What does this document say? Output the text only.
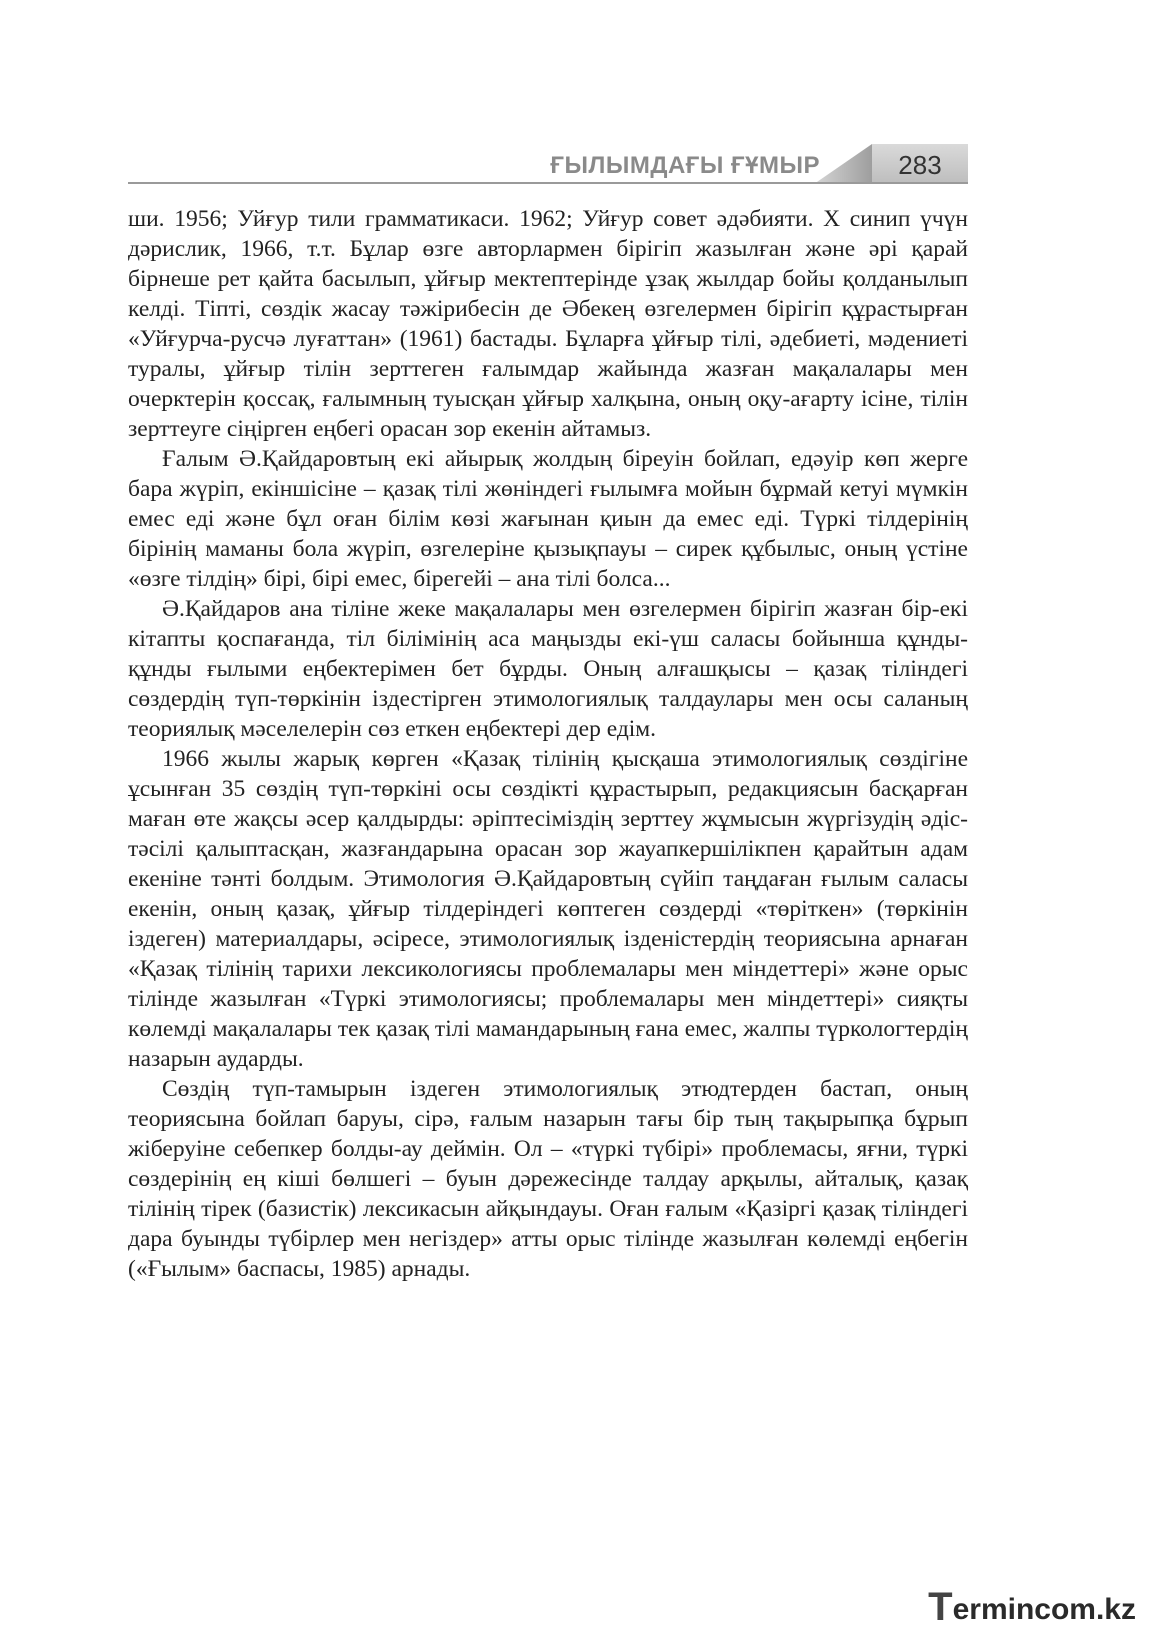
ҒЫЛЫМДАҒЫ ҒҰМЫР	283

ши. 1956; Уйғур тили грамматикаси. 1962; Уйғур совет әдәбияти. Х синип үчүн дәрислик, 1966, т.т. Бұлар өзге авторлармен бірігіп жазылған және әрі қарай бірнеше рет қайта басылып, ұйғыр мектептерінде ұзақ жылдар бойы қолданылып келді. Тіпті, сөздік жасау тәжірибесін де Әбекең өзгелермен бірігіп құрастырған «Уйғурча-русчә луғаттан» (1961) бастады. Бұларға ұйғыр тілі, әдебиеті, мәдениеті туралы, ұйғыр тілін зерттеген ғалымдар жайында жазған мақалалары мен очерктерін қоссақ, ғалымның туысқан ұйғыр халқына, оның оқу-ағарту ісіне, тілін зерттеуге сіңірген еңбегі орасан зор екенін айтамыз.

Ғалым Ә.Қайдаровтың екі айырық жолдың біреуін бойлап, едәуір көп жерге бара жүріп, екіншісіне – қазақ тілі жөніндегі ғылымға мойын бұрмай кетуі мүмкін емес еді және бұл оған білім көзі жағынан қиын да емес еді. Түркі тілдерінің бірінің маманы бола жүріп, өзгелеріне қызықпауы – сирек құбылыс, оның үстіне «өзге тілдің» бірі, бірі емес, бірегейі – ана тілі болса...

Ә.Қайдаров ана тіліне жеке мақалалары мен өзгелермен бірігіп жазған бір-екі кітапты қоспағанда, тіл білімінің аса маңызды екі-үш саласы бойынша құнды-құнды ғылыми еңбектерімен бет бұрды. Оның алғашқысы – қазақ тіліндегі сөздердің түп-төркінін іздестірген этимологиялық талдаулары мен осы саланың теориялық мәселелерін сөз еткен еңбектері дер едім.

1966 жылы жарық көрген «Қазақ тілінің қысқаша этимологиялық сөздігіне ұсынған 35 сөздің түп-төркіні осы сөздікті құрастырып, редакциясын басқарған маған өте жақсы әсер қалдырды: әріптесіміздің зерттеу жұмысын жүргізудің әдіс-тәсілі қалыптасқан, жазғандарына орасан зор жауапкершілікпен қарайтын адам екеніне тәнті болдым. Этимология Ә.Қайдаровтың сүйіп таңдаған ғылым саласы екенін, оның қазақ, ұйғыр тілдеріндегі көптеген сөздерді «төріткен» (төркінін іздеген) материалдары, әсіресе, этимологиялық ізденістердің теориясына арнаған «Қазақ тілінің тарихи лексикологиясы проблемалары мен міндеттері» және орыс тілінде жазылған «Түркі этимологиясы; проблемалары мен міндеттері» сияқты көлемді мақалалары тек қазақ тілі мамандарының ғана емес, жалпы түркологтердің назарын аударды.

Сөздің түп-тамырын іздеген этимологиялық этюдтерден бастап, оның теориясына бойлап баруы, сірә, ғалым назарын тағы бір тың тақырыпқа бұрып жіберуіне себепкер болды-ау деймін. Ол – «түркі түбірі» проблемасы, яғни, түркі сөздерінің ең кіші бөлшегі – буын дәрежесінде талдау арқылы, айталық, қазақ тілінің тірек (базистік) лексикасын айқындауы. Оған ғалым «Қазіргі қазақ тіліндегі дара буынды түбірлер мен негіздер» атты орыс тілінде жазылған көлемді еңбегін («Ғылым» баспасы, 1985) арнады.

T ermincom.kz
